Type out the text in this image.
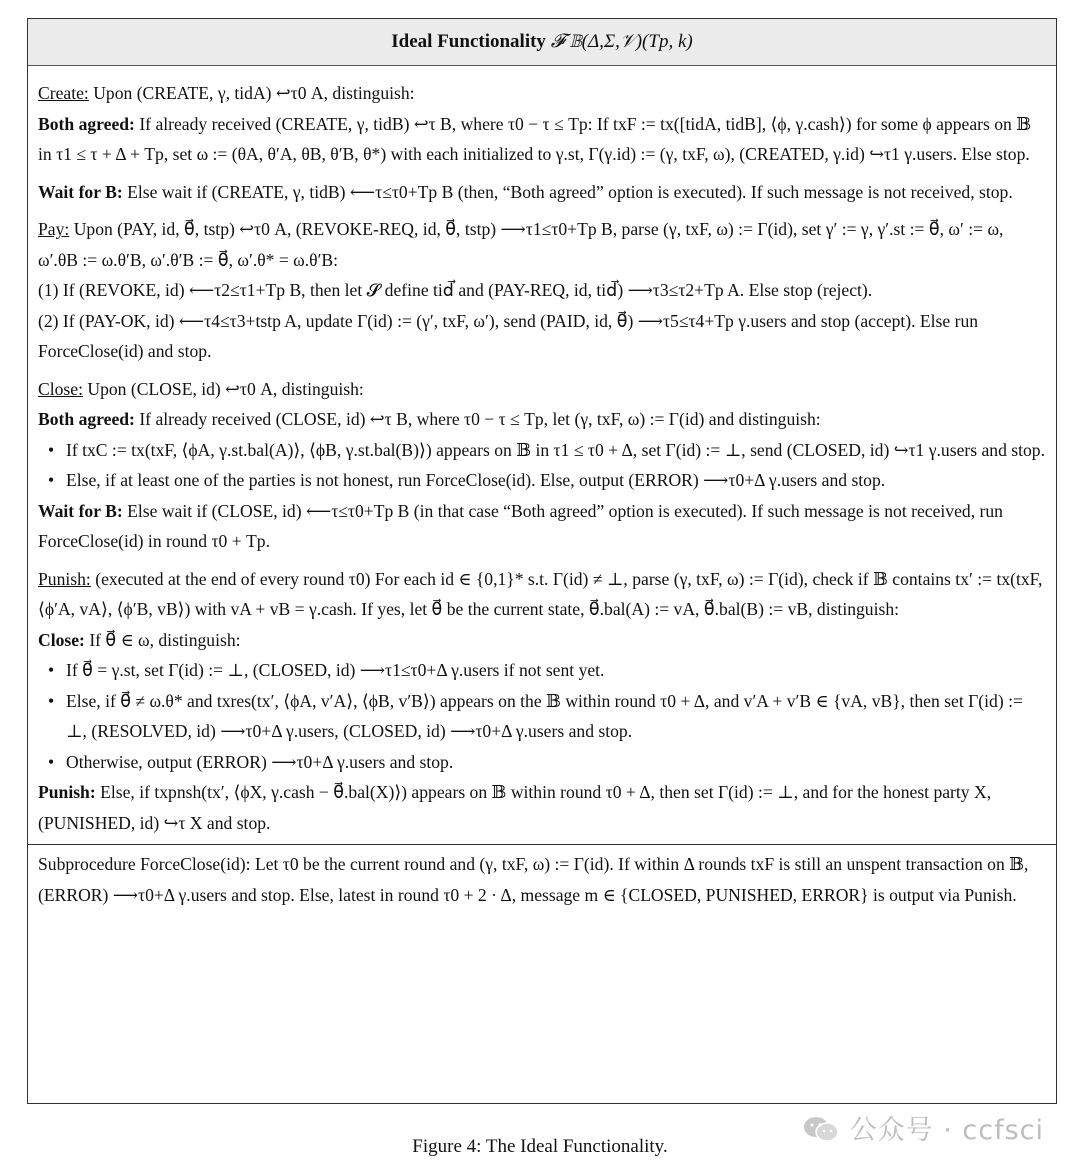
Ideal Functionality 𝓕 𝔹(Δ,Σ,𝒱)(Tp, k)

Create: Upon (CREATE, γ, tidA) ↩τ0 A, distinguish:

Both agreed: If already received (CREATE, γ, tidB) ↩τ B, where τ0 − τ ≤ Tp: If txF := tx([tidA, tidB], ⟨ϕ, γ.cash⟩) for some ϕ appears on 𝔹 in τ1 ≤ τ + Δ + Tp, set ω := (θA, θ′A, θB, θ′B, θ*) with each initialized to γ.st, Γ(γ.id) := (γ, txF, ω), (CREATED, γ.id) ↪τ1 γ.users. Else stop.

Wait for B: Else wait if (CREATE, γ, tidB) ⟵τ≤τ0+Tp B (then, “Both agreed” option is executed). If such message is not received, stop.

Pay: Upon (PAY, id, θ⃗, tstp) ↩τ0 A, (REVOKE-REQ, id, θ⃗, tstp) ⟶τ1≤τ0+Tp B, parse (γ, txF, ω) := Γ(id), set γ′ := γ, γ′.st := θ⃗, ω′ := ω, ω′.θB := ω.θ′B, ω′.θ′B := θ⃗, ω′.θ* = ω.θ′B:

(1) If (REVOKE, id) ⟵τ2≤τ1+Tp B, then let 𝓢 define tid⃗ and (PAY-REQ, id, tid⃗) ⟶τ3≤τ2+Tp A. Else stop (reject).

(2) If (PAY-OK, id) ⟵τ4≤τ3+tstp A, update Γ(id) := (γ′, txF, ω′), send (PAID, id, θ⃗) ⟶τ5≤τ4+Tp γ.users and stop (accept). Else run ForceClose(id) and stop.

Close: Upon (CLOSE, id) ↩τ0 A, distinguish:

Both agreed: If already received (CLOSE, id) ↩τ B, where τ0 − τ ≤ Tp, let (γ, txF, ω) := Γ(id) and distinguish:

• If txC := tx(txF, ⟨ϕA, γ.st.bal(A)⟩, ⟨ϕB, γ.st.bal(B)⟩) appears on 𝔹 in τ1 ≤ τ0 + Δ, set Γ(id) := ⊥, send (CLOSED, id) ↪τ1 γ.users and stop.
• Else, if at least one of the parties is not honest, run ForceClose(id). Else, output (ERROR) ⟶τ0+Δ γ.users and stop.

Wait for B: Else wait if (CLOSE, id) ⟵τ≤τ0+Tp B (in that case “Both agreed” option is executed). If such message is not received, run ForceClose(id) in round τ0 + Tp.

Punish: (executed at the end of every round τ0) For each id ∈ {0,1}* s.t. Γ(id) ≠ ⊥, parse (γ, txF, ω) := Γ(id), check if 𝔹 contains tx′ := tx(txF, ⟨ϕ′A, vA⟩, ⟨ϕ′B, vB⟩) with vA + vB = γ.cash. If yes, let θ⃗ be the current state, θ⃗.bal(A) := vA, θ⃗.bal(B) := vB, distinguish:

Close: If θ⃗ ∈ ω, distinguish:

• If θ⃗ = γ.st, set Γ(id) := ⊥, (CLOSED, id) ⟶τ1≤τ0+Δ γ.users if not sent yet.
• Else, if θ⃗ ≠ ω.θ* and txres(tx′, ⟨ϕA, v′A⟩, ⟨ϕB, v′B⟩) appears on the 𝔹 within round τ0 + Δ, and v′A + v′B ∈ {vA, vB}, then set Γ(id) := ⊥, (RESOLVED, id) ⟶τ0+Δ γ.users, (CLOSED, id) ⟶τ0+Δ γ.users and stop.
• Otherwise, output (ERROR) ⟶τ0+Δ γ.users and stop.

Punish: Else, if txpnsh(tx′, ⟨ϕX, γ.cash − θ⃗.bal(X)⟩) appears on 𝔹 within round τ0 + Δ, then set Γ(id) := ⊥, and for the honest party X, (PUNISHED, id) ↪τ X and stop.

Subprocedure ForceClose(id): Let τ0 be the current round and (γ, txF, ω) := Γ(id). If within Δ rounds txF is still an unspent transaction on 𝔹, (ERROR) ⟶τ0+Δ γ.users and stop. Else, latest in round τ0 + 2 · Δ, message m ∈ {CLOSED, PUNISHED, ERROR} is output via Punish.

公众号 · ccfsci
Figure 4: The Ideal Functionality.
